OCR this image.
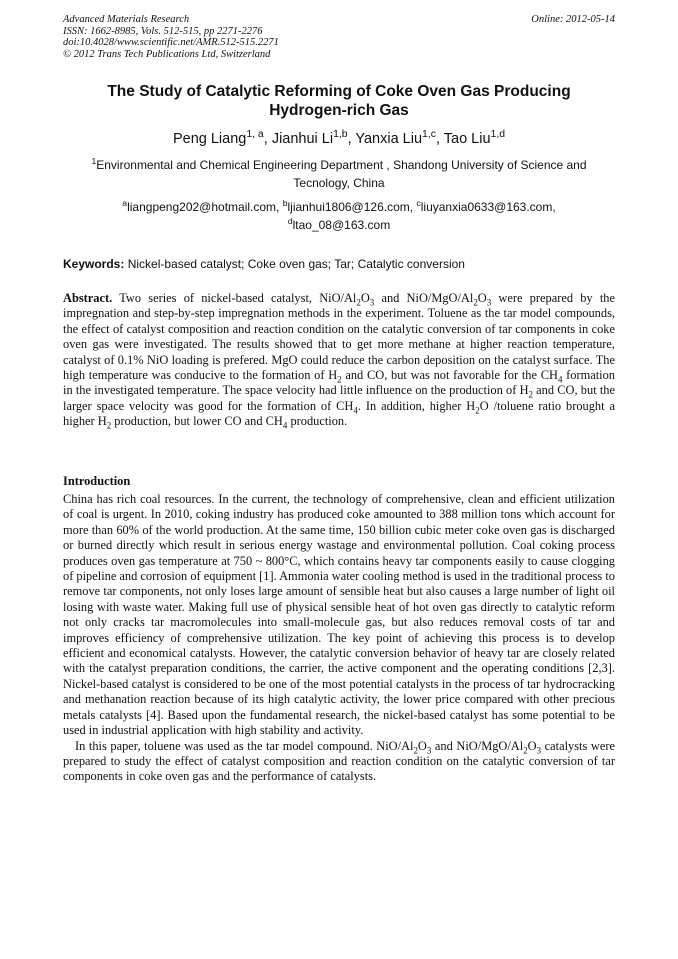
Advanced Materials Research
ISSN: 1662-8985, Vols. 512-515, pp 2271-2276
doi:10.4028/www.scientific.net/AMR.512-515.2271
© 2012 Trans Tech Publications Ltd, Switzerland
Online: 2012-05-14
The Study of Catalytic Reforming of Coke Oven Gas Producing
Hydrogen-rich Gas
Peng Liang$^{1, a}$, Jianhui Li$^{1,b}$, Yanxia Liu$^{1,c}$, Tao Liu$^{1,d}$
$^1$Environmental and Chemical Engineering Department , Shandong University of Science and
Tecnology, China
$^a$liangpeng202@hotmail.com, $^b$ljianhui1806@126.com, $^c$liuyanxia0633@163.com,
$^d$ltao_08@163.com
Keywords: Nickel-based catalyst; Coke oven gas; Tar; Catalytic conversion
Abstract. Two series of nickel-based catalyst, NiO/$Al_2O_3$ and NiO/$MgO/Al_2O_3$ were prepared by the impregnation and step-by-step impregnation methods in the experiment. Toluene as the tar model compounds, the effect of catalyst composition and reaction condition on the catalytic conversion of tar components in coke oven gas were investigated. The results showed that to get more methane at higher reaction temperature, catalyst of 0.1% NiO loading is prefered. MgO could reduce the carbon deposition on the catalyst surface. The high temperature was conducive to the formation of $H_2$ and CO, but was not favorable for the $CH_4$ formation in the investigated temperature. The space velocity had little influence on the production of $H_2$ and CO, but the larger space velocity was good for the formation of $CH_4$. In addition, higher $H_2O$ /toluene ratio brought a higher $H_2$ production, but lower CO and $CH_4$ production.
Introduction

China has rich coal resources. In the current, the technology of comprehensive, clean and efficient utilization of coal is urgent. In 2010, coking industry has produced coke amounted to 388 million tons which account for more than 60% of the world production. At the same time, 150 billion cubic meter coke oven gas is discharged or burned directly which result in serious energy wastage and environmental pollution. Coal coking process produces oven gas temperature at 750 ~ 800°C, which contains heavy tar components easily to cause clogging of pipeline and corrosion of equipment [1]. Ammonia water cooling method is used in the traditional process to remove tar components, not only loses large amount of sensible heat but also causes a large number of light oil losing with waste water. Making full use of physical sensible heat of hot oven gas directly to catalytic reform not only cracks tar macromolecules into small-molecule gas, but also reduces removal costs of tar and improves efficiency of comprehensive utilization. The key point of achieving this process is to develop efficient and economical catalysts. However, the catalytic conversion behavior of heavy tar are closely related with the catalyst preparation conditions, the carrier, the active component and the operating conditions [2,3]. Nickel-based catalyst is considered to be one of the most potential catalysts in the process of tar hydrocracking and methanation reaction because of its high catalytic activity, the lower price compared with other precious metals catalysts [4]. Based upon the fundamental research, the nickel-based catalyst has some potential to be used in industrial application with high stability and activity.

In this paper, toluene was used as the tar model compound. NiO/$Al_2O_3$ and NiO/$MgO/Al_2O_3$ catalysts were prepared to study the effect of catalyst composition and reaction condition on the catalytic conversion of tar components in coke oven gas and the performance of catalysts.
